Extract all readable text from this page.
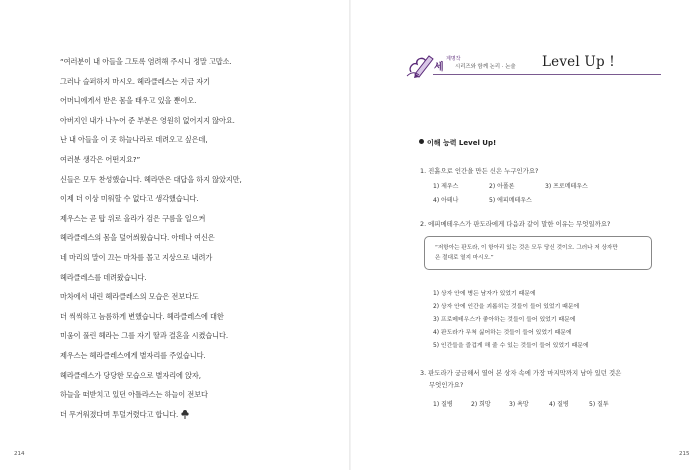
“여러분이 내 아들을 그토록 염려해 주시니 정말 고맙소.
그러나 슬퍼하지 마시오. 헤라클레스는 지금 자기
어머니에게서 받은 몸을 태우고 있을 뿐이오.
아버지인 내가 나누어 준 부분은 영원히 없어지지 않아요.
난 내 아들을 이 곳 하늘나라로 데려오고 싶은데,
여러분 생각은 어떤지요?”
신들은 모두 찬성했습니다. 헤라만은 대답을 하지 않았지만,
이제 더 이상 미워할 수 없다고 생각했습니다.
제우스는 곧 탑 위로 올라가 검은 구름을 일으켜
헤라클레스의 몸을 덮어씌웠습니다. 아테나 여신은
네 마리의 말이 끄는 마차를 몰고 지상으로 내려가
헤라클레스를 데려왔습니다.
마차에서 내린 헤라클레스의 모습은 전보다도
더 씩씩하고 늠름하게 변했습니다. 헤라클레스에 대한
미움이 풀린 헤라는 그를 자기 딸과 결혼을 시켰습니다.
제우스는 헤라클레스에게 별자리를 주었습니다.
헤라클레스가 당당한 모습으로 별자리에 앉자,
하늘을 떠받치고 있던 아틀라스는 하늘이 전보다
더 무거워졌다며 투덜거렸다고 합니다.
214
세
계명작
시리즈와 함께 논리 · 논술 Level Up !
이해 능력 Level Up!
1. 진흙으로 인간을 만든 신은 누구인가요?
1) 제우스	2) 아폴론	3) 프로메테우스
4) 아테나	5) 에피메테우스
2. 에피메테우스가 판도라에게 다음과 같이 말한 이유는 무엇일까요?
“저항아는 판도라, 이 항아리 있는 것은 모두 당신 것이오. 그러나 저 상자만
은 절대로 열지 마시오.”
1) 상자 안에 병든 남자가 있었기 때문에
2) 상자 안에 인간을 괴롭히는 것들이 들어 있었기 때문에
3) 프로메테우스가 좋아하는 것들이 들어 있었기 때문에
4) 판도라가 무척 싫어하는 것들이 들어 있었기 때문에
5) 인간들을 즐겁게 해 줄 수 있는 것들이 들어 있었기 때문에
3. 판도라가 궁금해서 열어 본 상자 속에 가장 마지막까지 남아 있던 것은
무엇인가요?
1) 질병	2) 희망	3) 욕망	4) 질병	5) 질투
215
